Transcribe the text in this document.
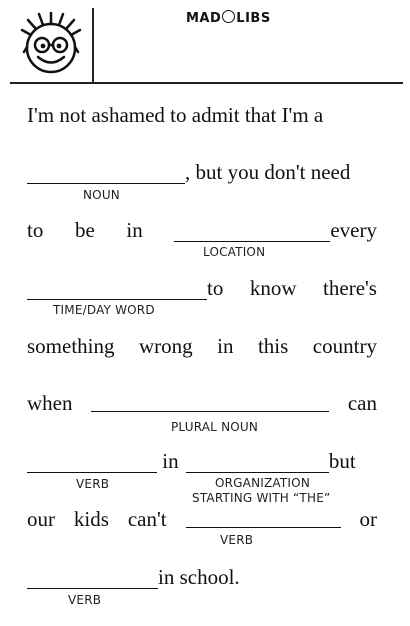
MAD LIBS
I'm not ashamed to admit that I'm a
, but you don't need
NOUN
to be in	every
LOCATION
to know there's
TIME/DAY WORD
something wrong in this country
when	can
PLURAL NOUN
in	but
VERB	ORGANIZATION
STARTING WITH “THE”
our kids can't	or
VERB
in school.
VERB
